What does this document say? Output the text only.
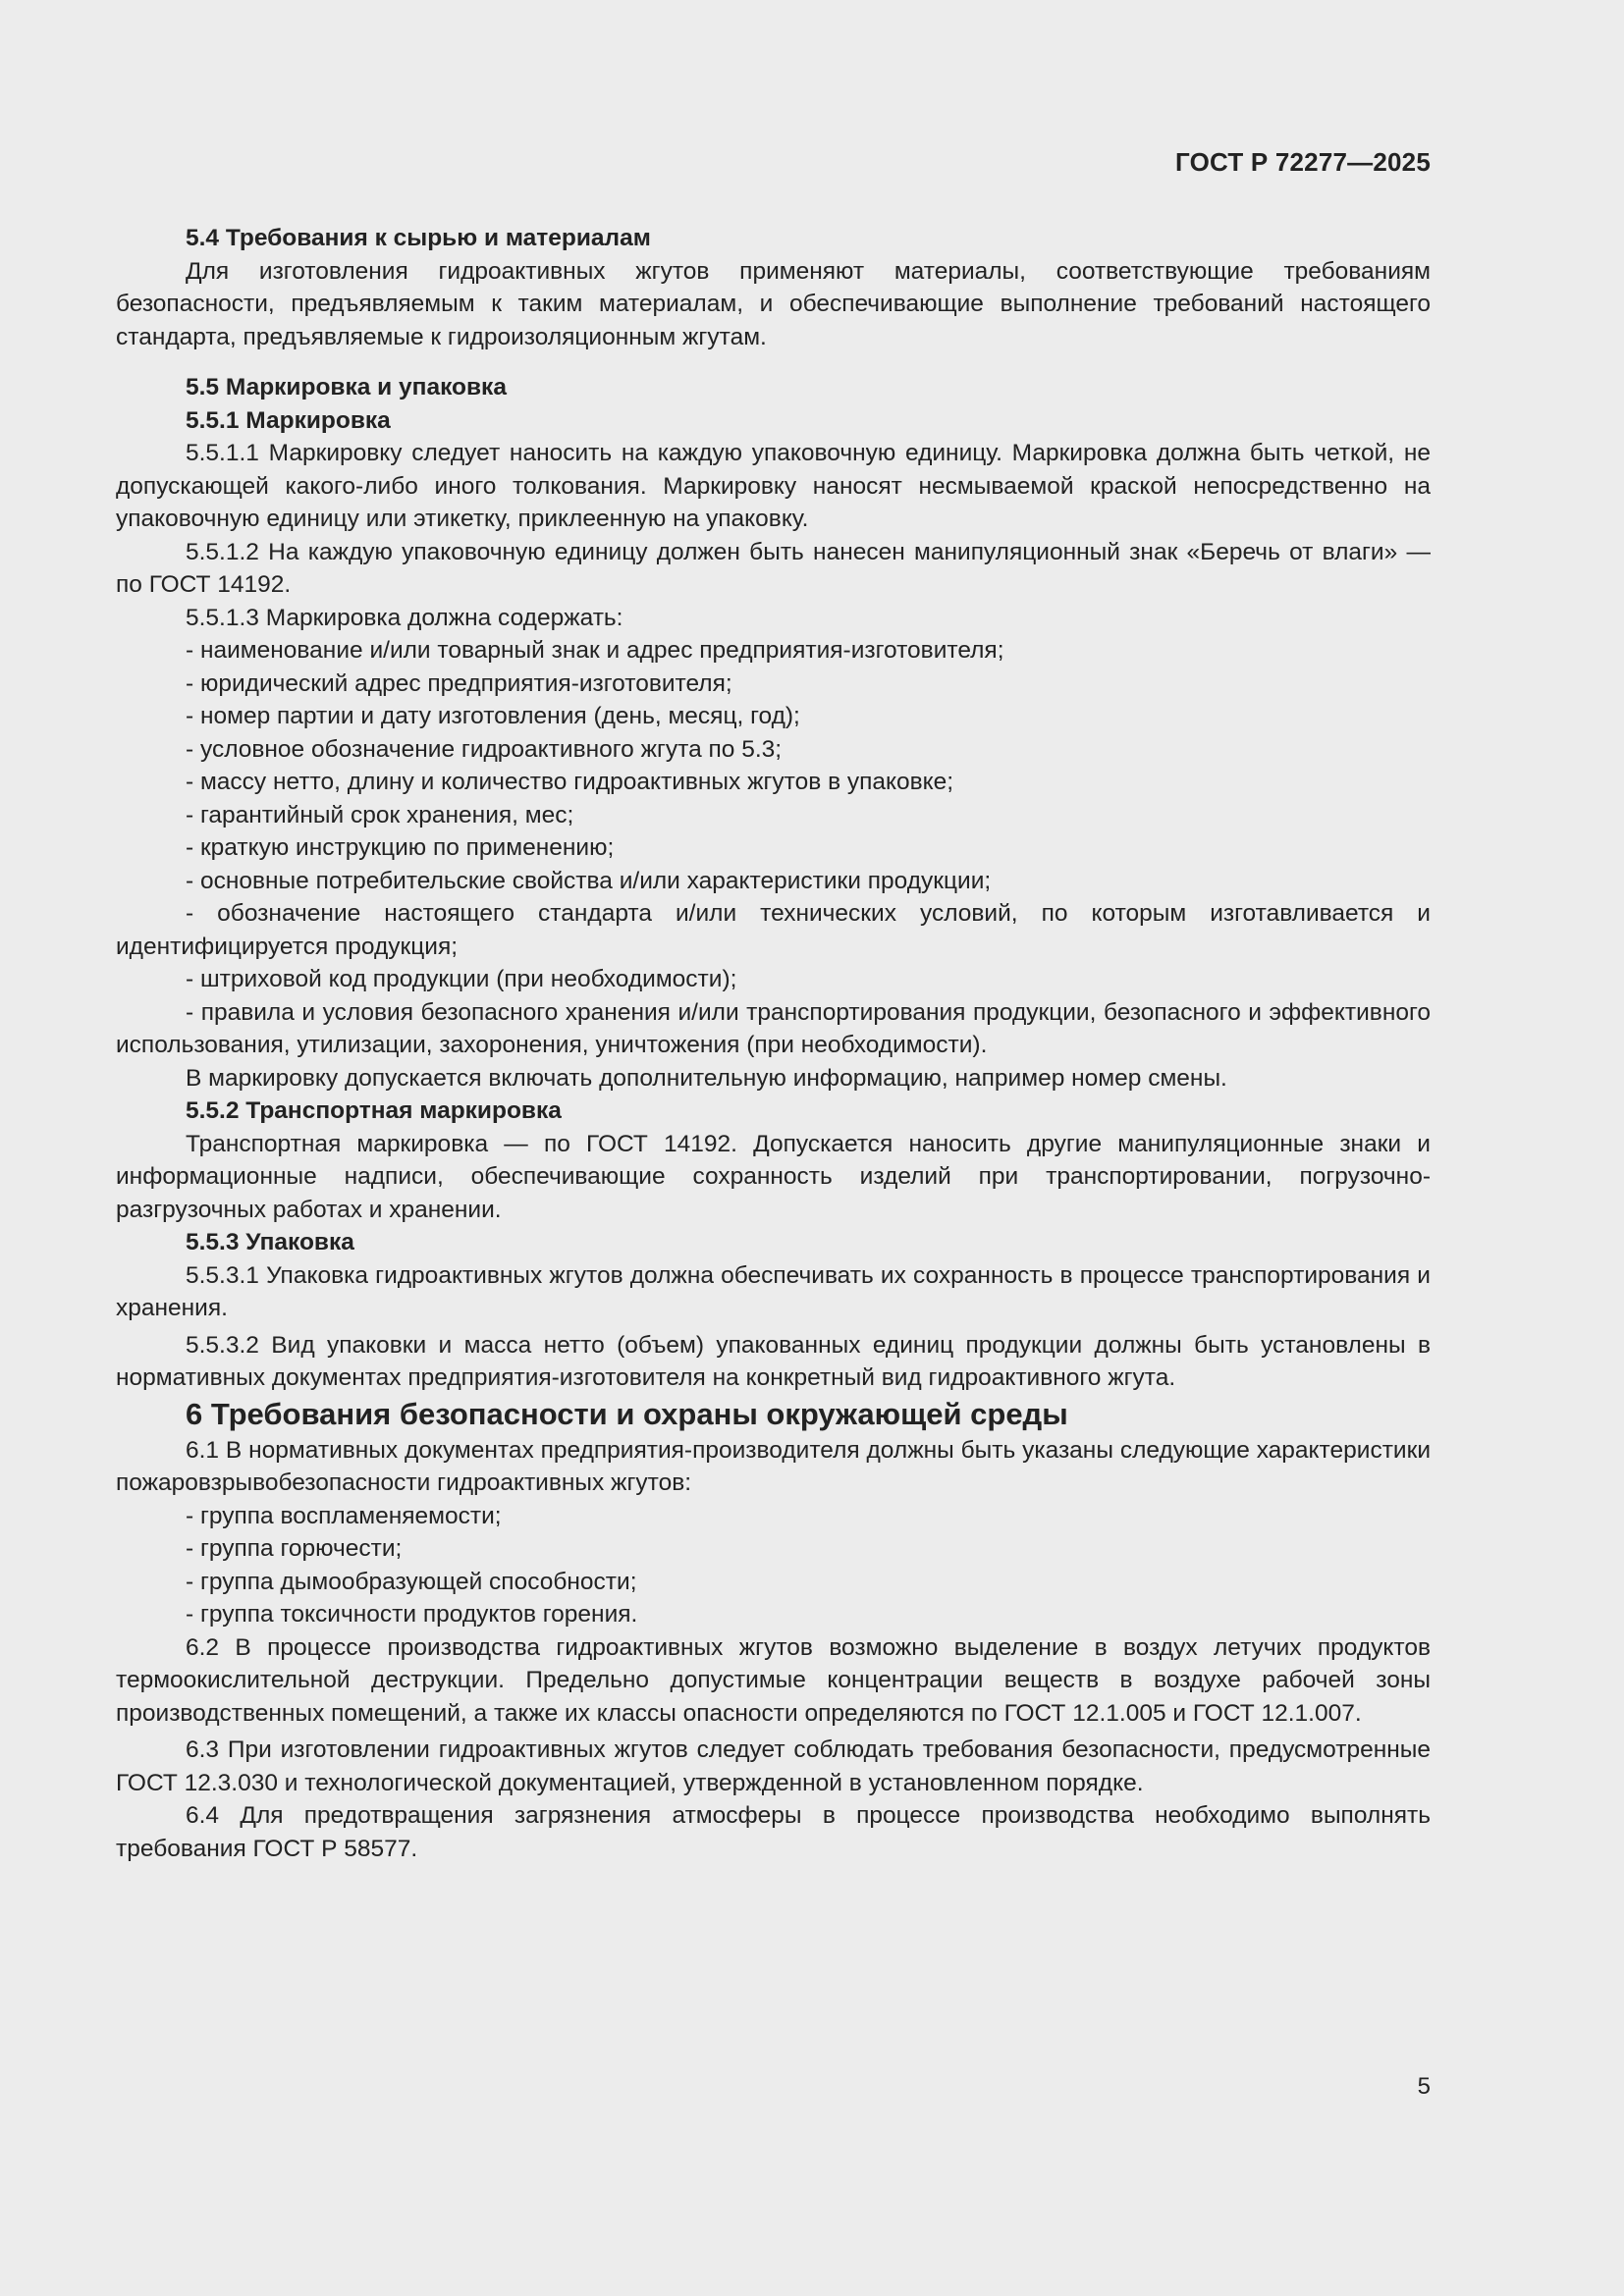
ГОСТ Р 72277—2025

5.4 Требования к сырью и материалам

Для изготовления гидроактивных жгутов применяют материалы, соответствующие требованиям безопасности, предъявляемым к таким материалам, и обеспечивающие выполнение требований настоящего стандарта, предъявляемые к гидроизоляционным жгутам.

5.5 Маркировка и упаковка

5.5.1 Маркировка

5.5.1.1 Маркировку следует наносить на каждую упаковочную единицу. Маркировка должна быть четкой, не допускающей какого-либо иного толкования. Маркировку наносят несмываемой краской непосредственно на упаковочную единицу или этикетку, приклеенную на упаковку.

5.5.1.2 На каждую упаковочную единицу должен быть нанесен манипуляционный знак «Беречь от влаги» — по ГОСТ 14192.

5.5.1.3 Маркировка должна содержать:

- наименование и/или товарный знак и адрес предприятия-изготовителя;

- юридический адрес предприятия-изготовителя;

- номер партии и дату изготовления (день, месяц, год);

- условное обозначение гидроактивного жгута по 5.3;

- массу нетто, длину и количество гидроактивных жгутов в упаковке;

- гарантийный срок хранения, мес;

- краткую инструкцию по применению;

- основные потребительские свойства и/или характеристики продукции;

- обозначение настоящего стандарта и/или технических условий, по которым изготавливается и идентифицируется продукция;

- штриховой код продукции (при необходимости);

- правила и условия безопасного хранения и/или транспортирования продукции, безопасного и эффективного использования, утилизации, захоронения, уничтожения (при необходимости).

В маркировку допускается включать дополнительную информацию, например номер смены.

5.5.2 Транспортная маркировка

Транспортная маркировка — по ГОСТ 14192. Допускается наносить другие манипуляционные знаки и информационные надписи, обеспечивающие сохранность изделий при транспортировании, погрузочно-разгрузочных работах и хранении.

5.5.3 Упаковка

5.5.3.1 Упаковка гидроактивных жгутов должна обеспечивать их сохранность в процессе транспортирования и хранения.

5.5.3.2 Вид упаковки и масса нетто (объем) упакованных единиц продукции должны быть установлены в нормативных документах предприятия-изготовителя на конкретный вид гидроактивного жгута.

6 Требования безопасности и охраны окружающей среды

6.1 В нормативных документах предприятия-производителя должны быть указаны следующие характеристики пожаровзрывобезопасности гидроактивных жгутов:

- группа воспламеняемости;

- группа горючести;

- группа дымообразующей способности;

- группа токсичности продуктов горения.

6.2 В процессе производства гидроактивных жгутов возможно выделение в воздух летучих продуктов термоокислительной деструкции. Предельно допустимые концентрации веществ в воздухе рабочей зоны производственных помещений, а также их классы опасности определяются по ГОСТ 12.1.005 и ГОСТ 12.1.007.

6.3 При изготовлении гидроактивных жгутов следует соблюдать требования безопасности, предусмотренные ГОСТ 12.3.030 и технологической документацией, утвержденной в установленном порядке.

6.4 Для предотвращения загрязнения атмосферы в процессе производства необходимо выполнять требования ГОСТ Р 58577.

5
